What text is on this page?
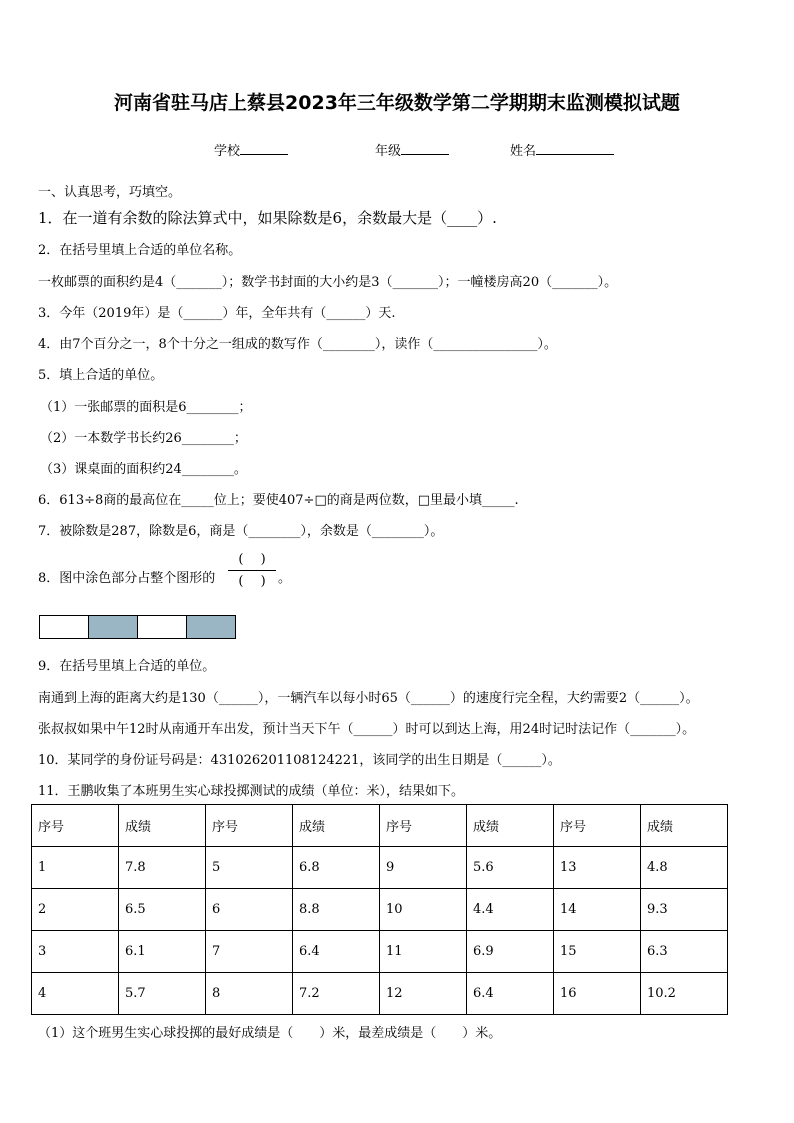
河南省驻马店上蔡县2023年三年级数学第二学期期末监测模拟试题
学校	年级	姓名
一、认真思考，巧填空。
1．在一道有余数的除法算式中，如果除数是6，余数最大是（____）.
2．在括号里填上合适的单位名称。
一枚邮票的面积约是4（_______）；数学书封面的大小约是3（_______）；一幢楼房高20（_______）。
3．今年（2019年）是（______）年，全年共有（______）天.
4．由7个百分之一，8个十分之一组成的数写作（________），读作（________________）。
5．填上合适的单位。
（1）一张邮票的面积是6________；
（2）一本数学书长约26________；
（3）课桌面的面积约24________。
6．613÷8商的最高位在_____位上；要使407÷□的商是两位数，□里最小填_____.
7．被除数是287，除数是6，商是（________），余数是（________）。
8．图中涂色部分占整个图形的
(　 )
(　 ) 。
9．在括号里填上合适的单位。
南通到上海的距离大约是130（______），一辆汽车以每小时65（______）的速度行完全程，大约需要2（______）。
张叔叔如果中午12时从南通开车出发，预计当天下午（______）时可以到达上海，用24时记时法记作（_______）。
10．某同学的身份证号码是：431026201108124221，该同学的出生日期是（______）。
11．王鹏收集了本班男生实心球投掷测试的成绩（单位：米），结果如下。
序号	成绩	序号	成绩	序号	成绩	序号	成绩
1	7.8	5	6.8	9	5.6	13	4.8
2	6.5	6	8.8	10	4.4	14	9.3
3	6.1	7	6.4	11	6.9	15	6.3
4	5.7	8	7.2	12	6.4	16	10.2
（1）这个班男生实心球投掷的最好成绩是（　　）米，最差成绩是（　　）米。
